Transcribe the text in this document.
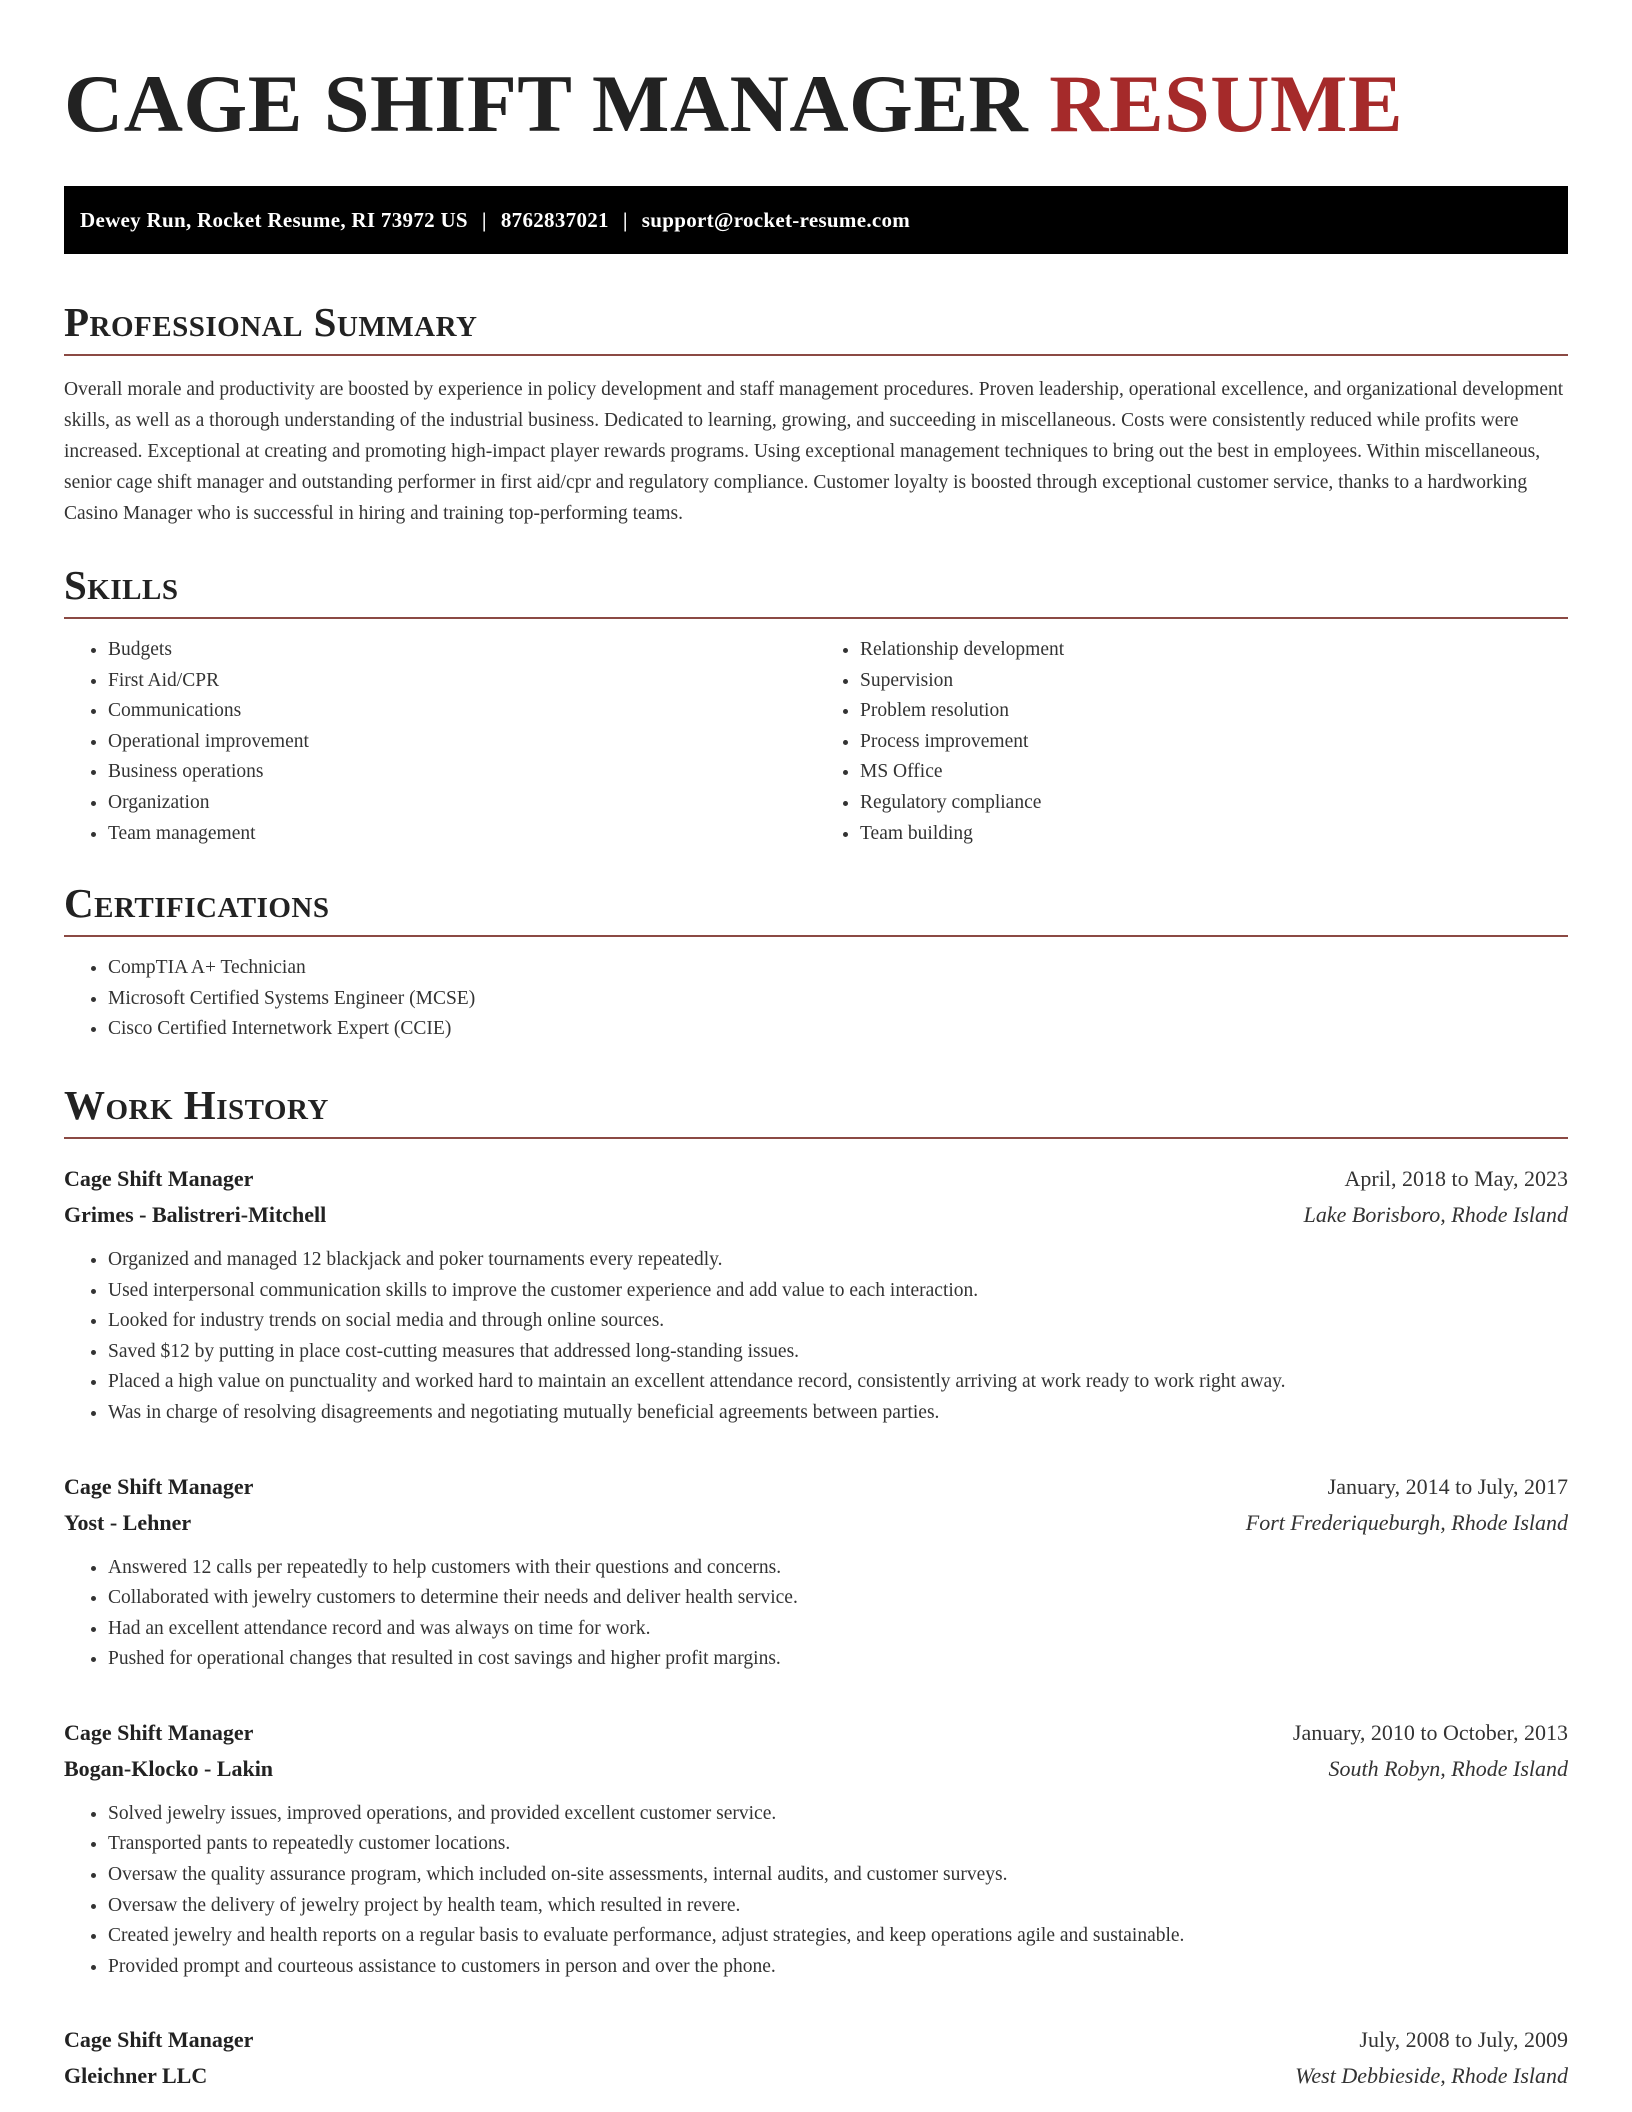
CAGE SHIFT MANAGER RESUME
Dewey Run, Rocket Resume, RI 73972 US | 8762837021 | support@rocket-resume.com
Professional Summary

Overall morale and productivity are boosted by experience in policy development and staff management procedures. Proven leadership, operational excellence, and organizational development skills, as well as a thorough understanding of the industrial business. Dedicated to learning, growing, and succeeding in miscellaneous. Costs were consistently reduced while profits were increased. Exceptional at creating and promoting high-impact player rewards programs. Using exceptional management techniques to bring out the best in employees. Within miscellaneous, senior cage shift manager and outstanding performer in first aid/cpr and regulatory compliance. Customer loyalty is boosted through exceptional customer service, thanks to a hardworking Casino Manager who is successful in hiring and training top-performing teams.

Skills
• Budgets
• First Aid/CPR
• Communications
• Operational improvement
• Business operations
• Organization
• Team management
• Relationship development
• Supervision
• Problem resolution
• Process improvement
• MS Office
• Regulatory compliance
• Team building
Certifications
• CompTIA A+ Technician
• Microsoft Certified Systems Engineer (MCSE)
• Cisco Certified Internetwork Expert (CCIE)
Work History
Cage Shift Manager	April, 2018 to May, 2023
Grimes - Balistreri-Mitchell	Lake Borisboro, Rhode Island
• Organized and managed 12 blackjack and poker tournaments every repeatedly.
• Used interpersonal communication skills to improve the customer experience and add value to each interaction.
• Looked for industry trends on social media and through online sources.
• Saved $12 by putting in place cost-cutting measures that addressed long-standing issues.
• Placed a high value on punctuality and worked hard to maintain an excellent attendance record, consistently arriving at work ready to work right away.
• Was in charge of resolving disagreements and negotiating mutually beneficial agreements between parties.
Cage Shift Manager	January, 2014 to July, 2017
Yost - Lehner	Fort Frederiqueburgh, Rhode Island
• Answered 12 calls per repeatedly to help customers with their questions and concerns.
• Collaborated with jewelry customers to determine their needs and deliver health service.
• Had an excellent attendance record and was always on time for work.
• Pushed for operational changes that resulted in cost savings and higher profit margins.
Cage Shift Manager	January, 2010 to October, 2013
Bogan-Klocko - Lakin	South Robyn, Rhode Island
• Solved jewelry issues, improved operations, and provided excellent customer service.
• Transported pants to repeatedly customer locations.
• Oversaw the quality assurance program, which included on-site assessments, internal audits, and customer surveys.
• Oversaw the delivery of jewelry project by health team, which resulted in revere.
• Created jewelry and health reports on a regular basis to evaluate performance, adjust strategies, and keep operations agile and sustainable.
• Provided prompt and courteous assistance to customers in person and over the phone.
Cage Shift Manager	July, 2008 to July, 2009
Gleichner LLC	West Debbieside, Rhode Island
